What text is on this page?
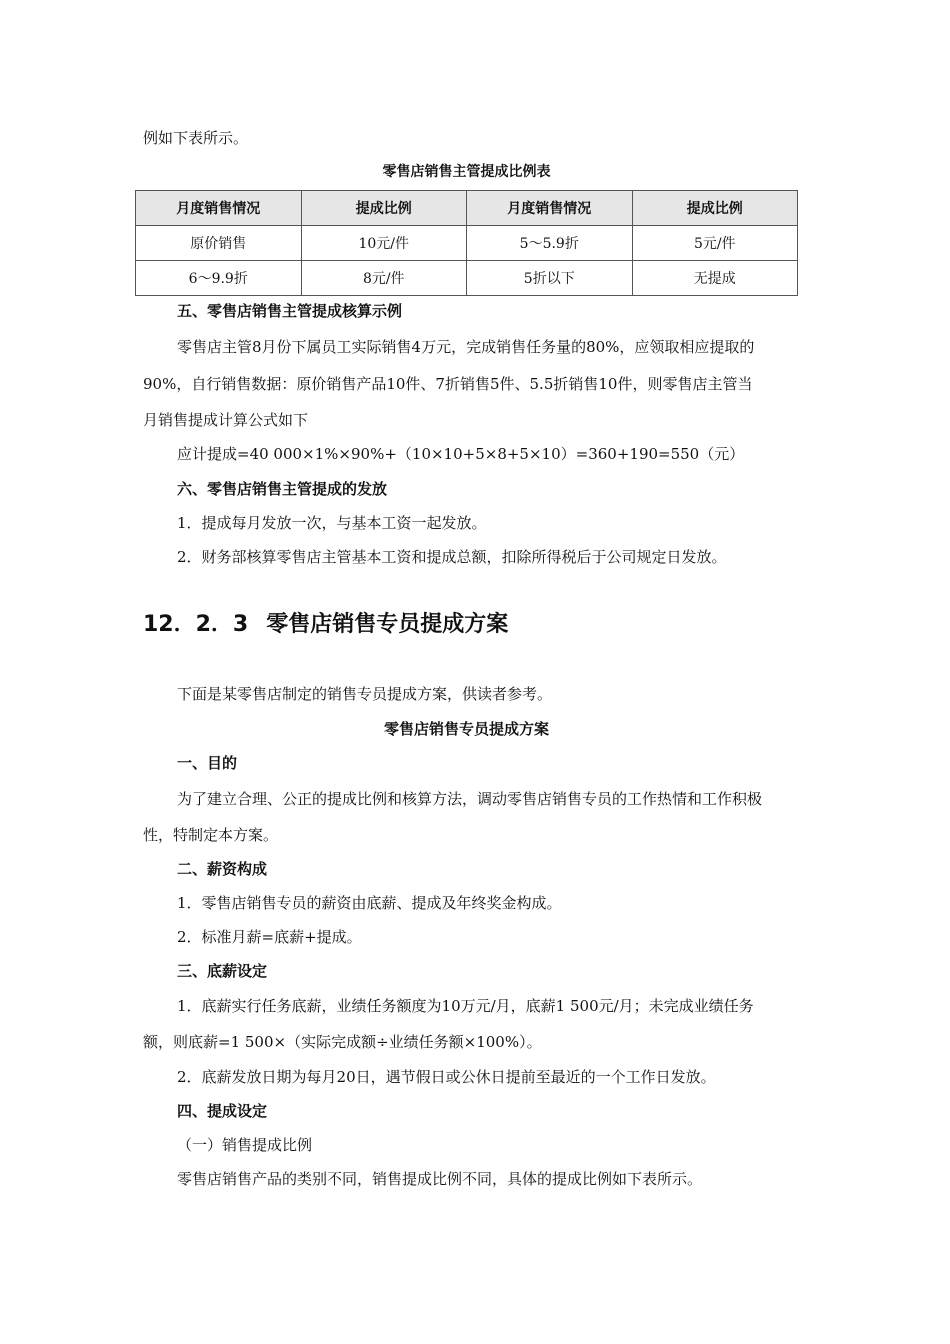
例如下表所示。
零售店销售主管提成比例表
月度销售情况	提成比例	月度销售情况	提成比例
原价销售	10元/件	5～5.9折	5元/件
6～9.9折	8元/件	5折以下	无提成
五、零售店销售主管提成核算示例
零售店主管8月份下属员工实际销售4万元，完成销售任务量的80%，应领取相应提取的
90%，自行销售数据：原价销售产品10件、7折销售5件、5.5折销售10件，则零售店主管当
月销售提成计算公式如下
应计提成=40 000×1%×90%+（10×10+5×8+5×10）=360+190=550（元）
六、零售店销售主管提成的发放
1．提成每月发放一次，与基本工资一起发放。
2．财务部核算零售店主管基本工资和提成总额，扣除所得税后于公司规定日发放。
12．2．3 零售店销售专员提成方案
下面是某零售店制定的销售专员提成方案，供读者参考。
零售店销售专员提成方案
一、目的
为了建立合理、公正的提成比例和核算方法，调动零售店销售专员的工作热情和工作积极
性，特制定本方案。
二、薪资构成
1．零售店销售专员的薪资由底薪、提成及年终奖金构成。
2．标准月薪=底薪+提成。
三、底薪设定
1．底薪实行任务底薪，业绩任务额度为10万元/月，底薪1 500元/月；未完成业绩任务
额，则底薪=1 500×（实际完成额÷业绩任务额×100%）。
2．底薪发放日期为每月20日，遇节假日或公休日提前至最近的一个工作日发放。
四、提成设定
（一）销售提成比例
零售店销售产品的类别不同，销售提成比例不同，具体的提成比例如下表所示。
